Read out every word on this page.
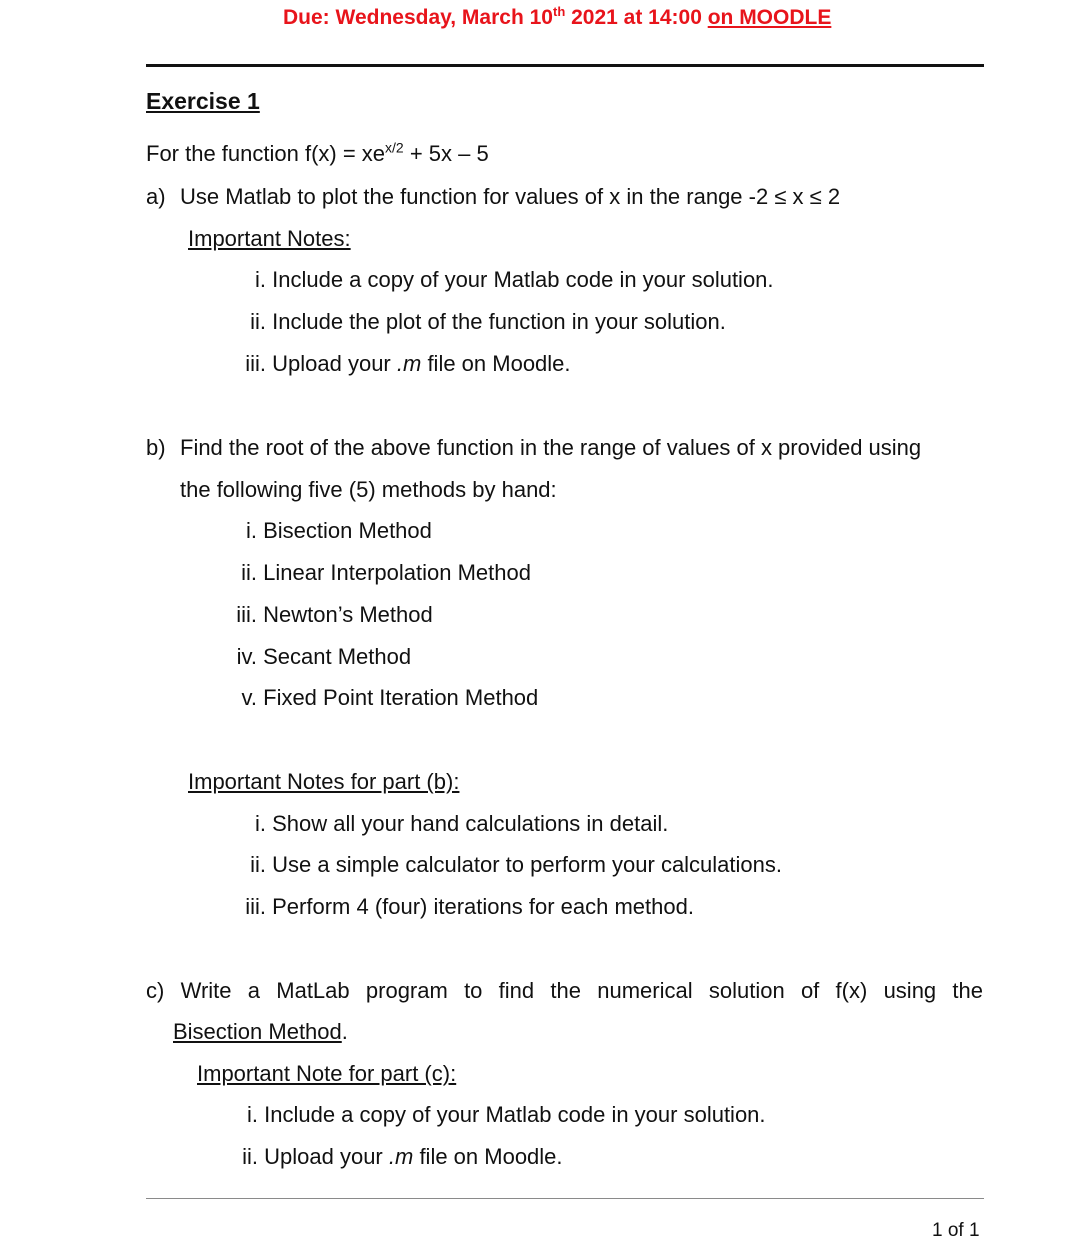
Due: Wednesday, March 10th 2021 at 14:00 on MOODLE
Exercise 1
For the function $f(x) = xe^{x/2} + 5x - 5$
a) Use Matlab to plot the function for values of x in the range -2 ≤ x ≤ 2
Important Notes:
i. Include a copy of your Matlab code in your solution.
ii. Include the plot of the function in your solution.
iii. Upload your .m file on Moodle.
b) Find the root of the above function in the range of values of x provided using
the following five (5) methods by hand:
i. Bisection Method
ii. Linear Interpolation Method
iii. Newton’s Method
iv. Secant Method
v. Fixed Point Iteration Method
Important Notes for part (b):
i. Show all your hand calculations in detail.
ii. Use a simple calculator to perform your calculations.
iii. Perform 4 (four) iterations for each method.
c) Write a MatLab program to find the numerical solution of f(x) using the
Bisection Method.
Important Note for part (c):
i. Include a copy of your Matlab code in your solution.
ii. Upload your .m file on Moodle.
1 of 1
